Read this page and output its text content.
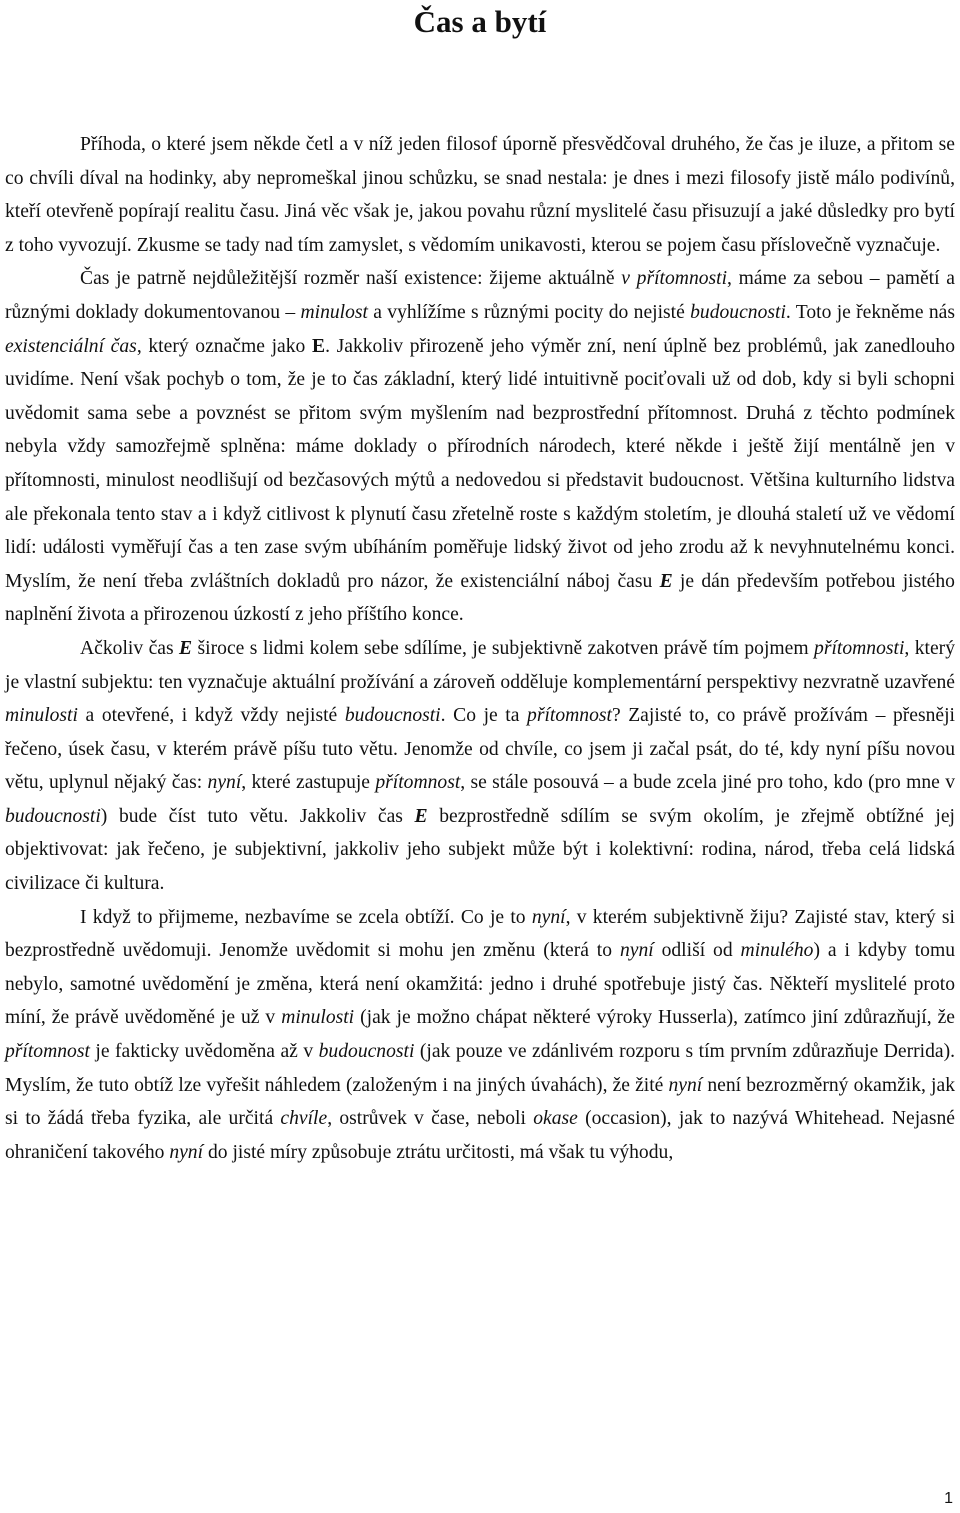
Čas a bytí

Příhoda, o které jsem někde četl a v níž jeden filosof úporně přesvědčoval druhého, že čas je iluze, a přitom se co chvíli díval na hodinky, aby nepromeškal jinou schůzku, se snad nestala: je dnes i mezi filosofy jistě málo podivínů, kteří otevřeně popírají realitu času. Jiná věc však je, jakou povahu různí myslitelé času přisuzují a jaké důsledky pro bytí z toho vyvozují. Zkusme se tady nad tím zamyslet, s vědomím unikavosti, kterou se pojem času příslovečně vyznačuje.

Čas je patrně nejdůležitější rozměr naší existence: žijeme aktuálně v přítomnosti, máme za sebou – pamětí a různými doklady dokumentovanou – minulost a vyhlížíme s různými pocity do nejisté budoucnosti. Toto je řekněme nás existenciální čas, který označme jako E. Jakkoliv přirozeně jeho výměr zní, není úplně bez problémů, jak zanedlouho uvidíme. Není však pochyb o tom, že je to čas základní, který lidé intuitivně pociťovali už od dob, kdy si byli schopni uvědomit sama sebe a povznést se přitom svým myšlením nad bezprostřední přítomnost. Druhá z těchto podmínek nebyla vždy samozřejmě splněna: máme doklady o přírodních národech, které někde i ještě žijí mentálně jen v přítomnosti, minulost neodlišují od bezčasových mýtů a nedovedou si představit budoucnost. Většina kulturního lidstva ale překonala tento stav a i když citlivost k plynutí času zřetelně roste s každým stoletím, je dlouhá staletí už ve vědomí lidí: události vyměřují čas a ten zase svým ubíháním poměřuje lidský život od jeho zrodu až k nevyhnutelnému konci. Myslím, že není třeba zvláštních dokladů pro názor, že existenciální náboj času E je dán především potřebou jistého naplnění života a přirozenou úzkostí z jeho příštího konce.

Ačkoliv čas E široce s lidmi kolem sebe sdílíme, je subjektivně zakotven právě tím pojmem přítomnosti, který je vlastní subjektu: ten vyznačuje aktuální prožívání a zároveň odděluje komplementární perspektivy nezvratně uzavřené minulosti a otevřené, i když vždy nejisté budoucnosti. Co je ta přítomnost? Zajisté to, co právě prožívám – přesněji řečeno, úsek času, v kterém právě píšu tuto větu. Jenomže od chvíle, co jsem ji začal psát, do té, kdy nyní píšu novou větu, uplynul nějaký čas: nyní, které zastupuje přítomnost, se stále posouvá – a bude zcela jiné pro toho, kdo (pro mne v budoucnosti) bude číst tuto větu. Jakkoliv čas E bezprostředně sdílím se svým okolím, je zřejmě obtížné jej objektivovat: jak řečeno, je subjektivní, jakkoliv jeho subjekt může být i kolektivní: rodina, národ, třeba celá lidská civilizace či kultura.

I když to přijmeme, nezbavíme se zcela obtíží. Co je to nyní, v kterém subjektivně žiju? Zajisté stav, který si bezprostředně uvědomuji. Jenomže uvědomit si mohu jen změnu (která to nyní odliší od minulého) a i kdyby tomu nebylo, samotné uvědomění je změna, která není okamžitá: jedno i druhé spotřebuje jistý čas. Někteří myslitelé proto míní, že právě uvědoměné je už v minulosti (jak je možno chápat některé výroky Husserla), zatímco jiní zdůrazňují, že přítomnost je fakticky uvědoměna až v budoucnosti (jak pouze ve zdánlivém rozporu s tím prvním zdůrazňuje Derrida). Myslím, že tuto obtíž lze vyřešit náhledem (založeným i na jiných úvahách), že žité nyní není bezrozměrný okamžik, jak si to žádá třeba fyzika, ale určitá chvíle, ostrůvek v čase, neboli okase (occasion), jak to nazývá Whitehead. Nejasné ohraničení takového nyní do jisté míry způsobuje ztrátu určitosti, má však tu výhodu,

1
